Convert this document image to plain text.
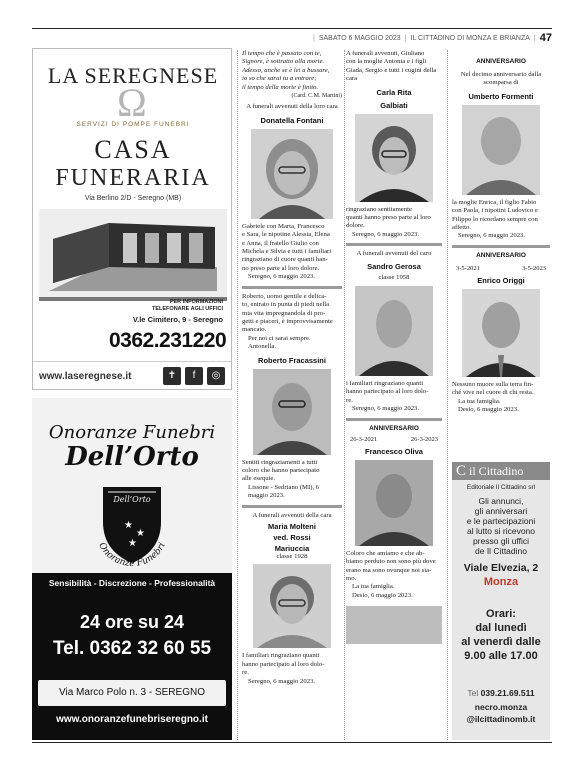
| SABATO 6 MAGGIO 2023 | IL CITTADINO DI MONZA E BRIANZA | 47
Ω
LA SEREGNESE
SERVIZI DI POMPE FUNEBRI
CASA
FUNERARIA
Via Berlino 2/D - Seregno (MB)
PER INFORMAZIONI
TELEFONARE AGLI UFFICI
V.le Cimitero, 9 - Seregno
0362.231220
www.laseregnese.it	✝	f	◎
Onoranze Funebri
Dell’Orto
Dell’Orto
★
★
★
Onoranze Funebri
Sensibilità - Discrezione - Professionalità
24 ore su 24
Tel. 0362 32 60 55
Via Marco Polo n. 3 - SEREGNO
www.onoranzefunebriseregno.it
Il tempo che è passato con te,
Signore, è sottratto alla morte.
Adesso, anche se è lei a bussare,
io so che sarai tu a entrare;
il tempo della morte è finito.
(Card. C.M. Martini)
A funerali avvenuti della loro cara
Donatella Fontani
Gabriele con Marta, Francesco
e Sara, le nipotine Alessia, Elena
e Anna, il fratello Giulio con
Michela e Silvia e tutti i familiari
ringraziano di cuore quanti han-
no preso parte al loro dolore.
Seregno, 6 maggio 2023.
Roberto, uomo gentile e delica-
to, entrato in punta di piedi nella
mia vita impregnandola di pro-
getti e piaceri, è improvvisamente
mancato.
Per noi ci sarai sempre.
Antonella.
Roberto Fracassini
Sentiti ringraziamenti a tutti
coloro che hanno partecipato
alle esequie.
Lissone - Sedriano (MI), 6
maggio 2023.
A funerali avvenuti della cara
Maria Molteni
ved. Rossi
Mariuccia
classe 1928
I familiari ringraziano quanti
hanno partecipato al loro dolo-
re.
Seregno, 6 maggio 2023.
A funerali avvenuti, Giuliano
con la moglie Antonia e i figli
Giada, Sergio e tutti i cugini della
cara
Carla Rita
Galbiati
ringraziano sentitamente
quanti hanno preso parte al loro
dolore.
Seregno, 6 maggio 2023.
A funerali avvenuti del caro
Sandro Gerosa
classe 1958
i familiari ringraziano quanti
hanno partecipato al loro dolo-
re.
Seregno, 6 maggio 2023.
ANNIVERSARIO
26-3-2021	26-3-2023
Francesco Oliva
Coloro che amiamo e che ab-
biamo perduto non sono più dove
erano ma sono ovunque noi sia-
mo.
La tua famiglia.
Desio, 6 maggio 2023.
ANNIVERSARIO
Nel decimo anniversario dalla
scomparsa di
Umberto Formenti
la moglie Enrica, il figlio Fabio
con Paola, i nipotini Ludovico e
Filippo lo ricordano sempre con
affetto.
Seregno, 6 maggio 2023.
ANNIVERSARIO
3-5-2021	3-5-2023
Enrico Origgi
Nessuno muore sulla terra fin-
ché vive nel cuore di chi resta.
La tua famiglia.
Desio, 6 maggio 2023.
C il Cittadino
Editoriale Il Cittadino srl
Gli annunci,
gli anniversari
e le partecipazioni
al lutto si ricevono
presso gli uffici
de Il Cittadino
Viale Elvezia, 2
Monza
Orari:
dal lunedì
al venerdì dalle
9.00 alle 17.00
Tel 039.21.69.511
necro.monza
@ilcittadinomb.it
